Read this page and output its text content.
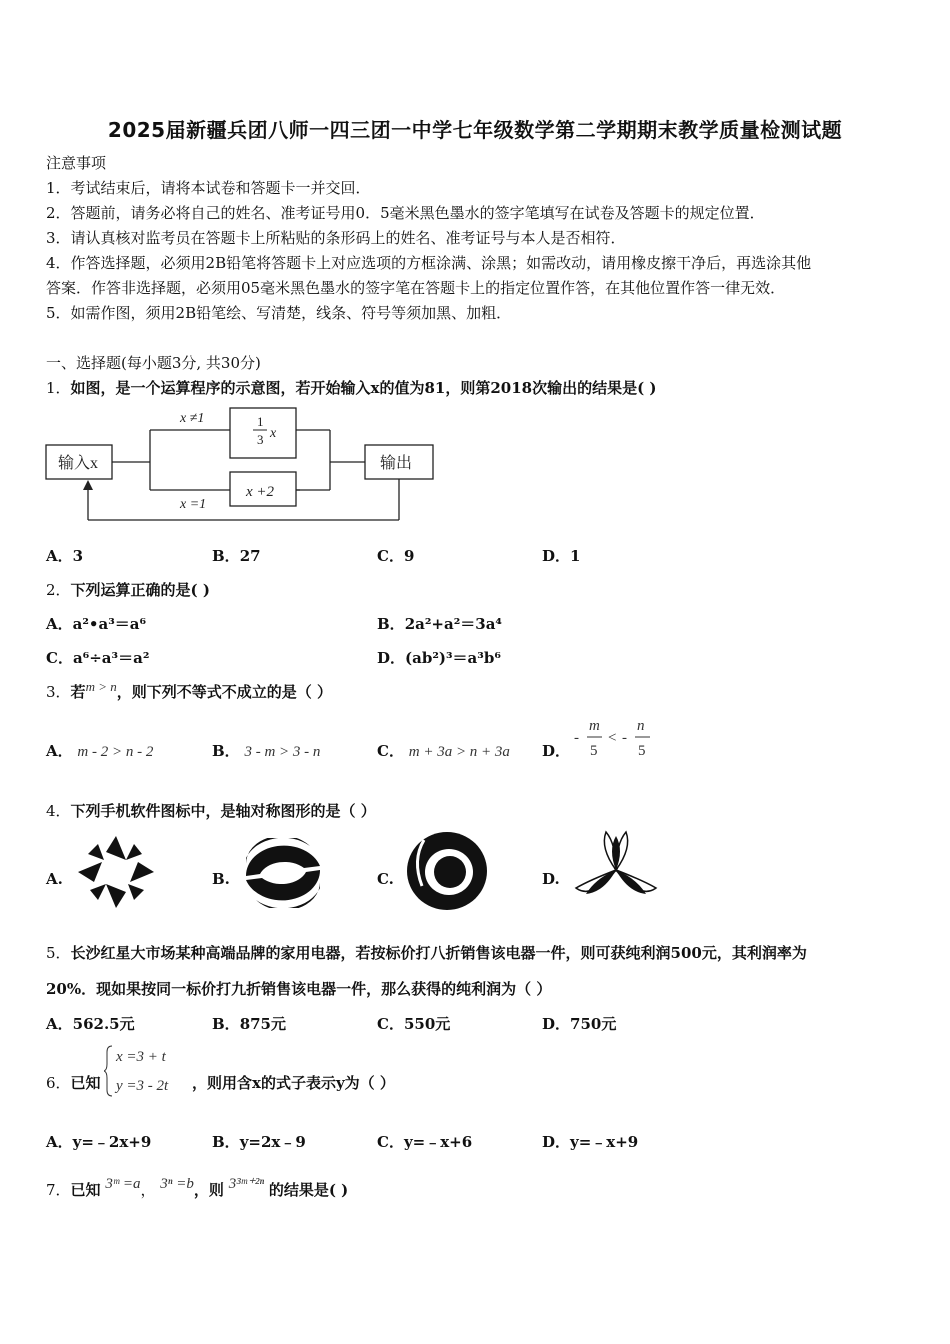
2025届新疆兵团八师一四三团一中学七年级数学第二学期期末教学质量检测试题
注意事项
1．考试结束后，请将本试卷和答题卡一并交回．
2．答题前，请务必将自己的姓名、准考证号用0．5毫米黑色墨水的签字笔填写在试卷及答题卡的规定位置．
3．请认真核对监考员在答题卡上所粘贴的条形码上的姓名、准考证号与本人是否相符．
4．作答选择题，必须用2B铅笔将答题卡上对应选项的方框涂满、涂黑；如需改动，请用橡皮擦干净后，再选涂其他
答案．作答非选择题，必须用05毫米黑色墨水的签字笔在答题卡上的指定位置作答，在其他位置作答一律无效．
5．如需作图，须用2B铅笔绘、写清楚，线条、符号等须加黑、加粗．
一、选择题(每小题3分, 共30分)
1．如图，是一个运算程序的示意图，若开始输入x的值为81，则第2018次输出的结果是( )
输入x	输出
x ≠1
x =1
1
3 x
x +2
A．3	B．27	C．9	D．1
2．下列运算正确的是( )
A．a²•a³＝a⁶	B．2a²+a²＝3a⁴
C．a⁶÷a³＝a²	D．(ab²)³＝a³b⁶
3．若m > n，则下列不等式不成立的是（ ）
A． m - 2 > n - 2	B． 3 - m > 3 - n	C． m + 3a > n + 3a D．
-
m
5
< -
n
5
4．下列手机软件图标中，是轴对称图形的是（ ）
A.	B.	C.	D.
5．长沙红星大市场某种高端品牌的家用电器，若按标价打八折销售该电器一件，则可获纯利润500元，其利润率为
20%．现如果按同一标价打九折销售该电器一件，那么获得的纯利润为（ ）
A．562.5元	B．875元	C．550元	D．750元
6．已知
x =3 + t
y =3 - 2t ，则用含x的式子表示y为（ ）
A．y=﹣2x+9	B．y=2x﹣9	C．y=﹣x+6	D．y=﹣x+9
7．已知 3ᵐ =a， 3ⁿ =b，则 3³ᵐ⁺²ⁿ 的结果是( )
